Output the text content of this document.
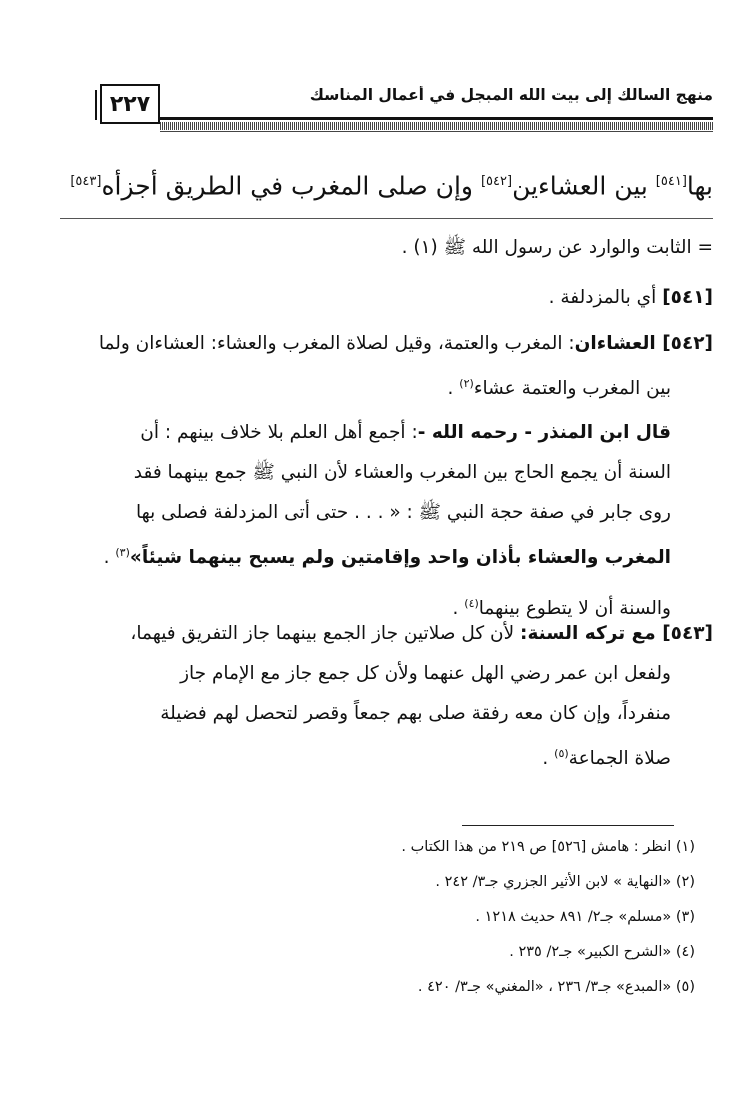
منهج السالك إلى بيت الله المبجل في أعمال المناسك
٢٢٧
بها[٥٤١] بين العشاءين[٥٤٢] وإن صلى المغرب في الطريق أجزأه[٥٤٣]
= الثابت والوارد عن رسول الله ﷺ (١) .
[٥٤١] أي بالمزدلفة .
[٥٤٢] العشاءان: المغرب والعتمة، وقيل لصلاة المغرب والعشاء: العشاءان ولما
بين المغرب والعتمة عشاء$^{(٢)}$ .
قال ابن المنذر - رحمه الله -: أجمع أهل العلم بلا خلاف بينهم : أن
السنة أن يجمع الحاج بين المغرب والعشاء لأن النبي ﷺ جمع بينهما فقد
روى جابر في صفة حجة النبي ﷺ : « . . . حتى أتى المزدلفة فصلى بها
المغرب والعشاء بأذان واحد وإقامتين ولم يسبح بينهما شيئاً»$^{(٣)}$ .
والسنة أن لا يتطوع بينهما$^{(٤)}$ .
[٥٤٣] مع تركه السنة: لأن كل صلاتين جاز الجمع بينهما جاز التفريق فيهما،
ولفعل ابن عمر رضي الهل عنهما ولأن كل جمع جاز مع الإمام جاز
منفرداً، وإن كان معه رفقة صلى بهم جمعاً وقصر لتحصل لهم فضيلة
صلاة الجماعة$^{(٥)}$ .
(١) انظر : هامش [٥٢٦] ص ٢١٩ من هذا الكتاب .
(٢) «النهاية » لابن الأثير الجزري جـ٣/ ٢٤٢ .
(٣) «مسلم» جـ٢/ ٨٩١ حديث ١٢١٨ .
(٤) «الشرح الكبير» جـ٢/ ٢٣٥ .
(٥) «المبدع» جـ٣/ ٢٣٦ ، «المغني» جـ٣/ ٤٢٠ .
